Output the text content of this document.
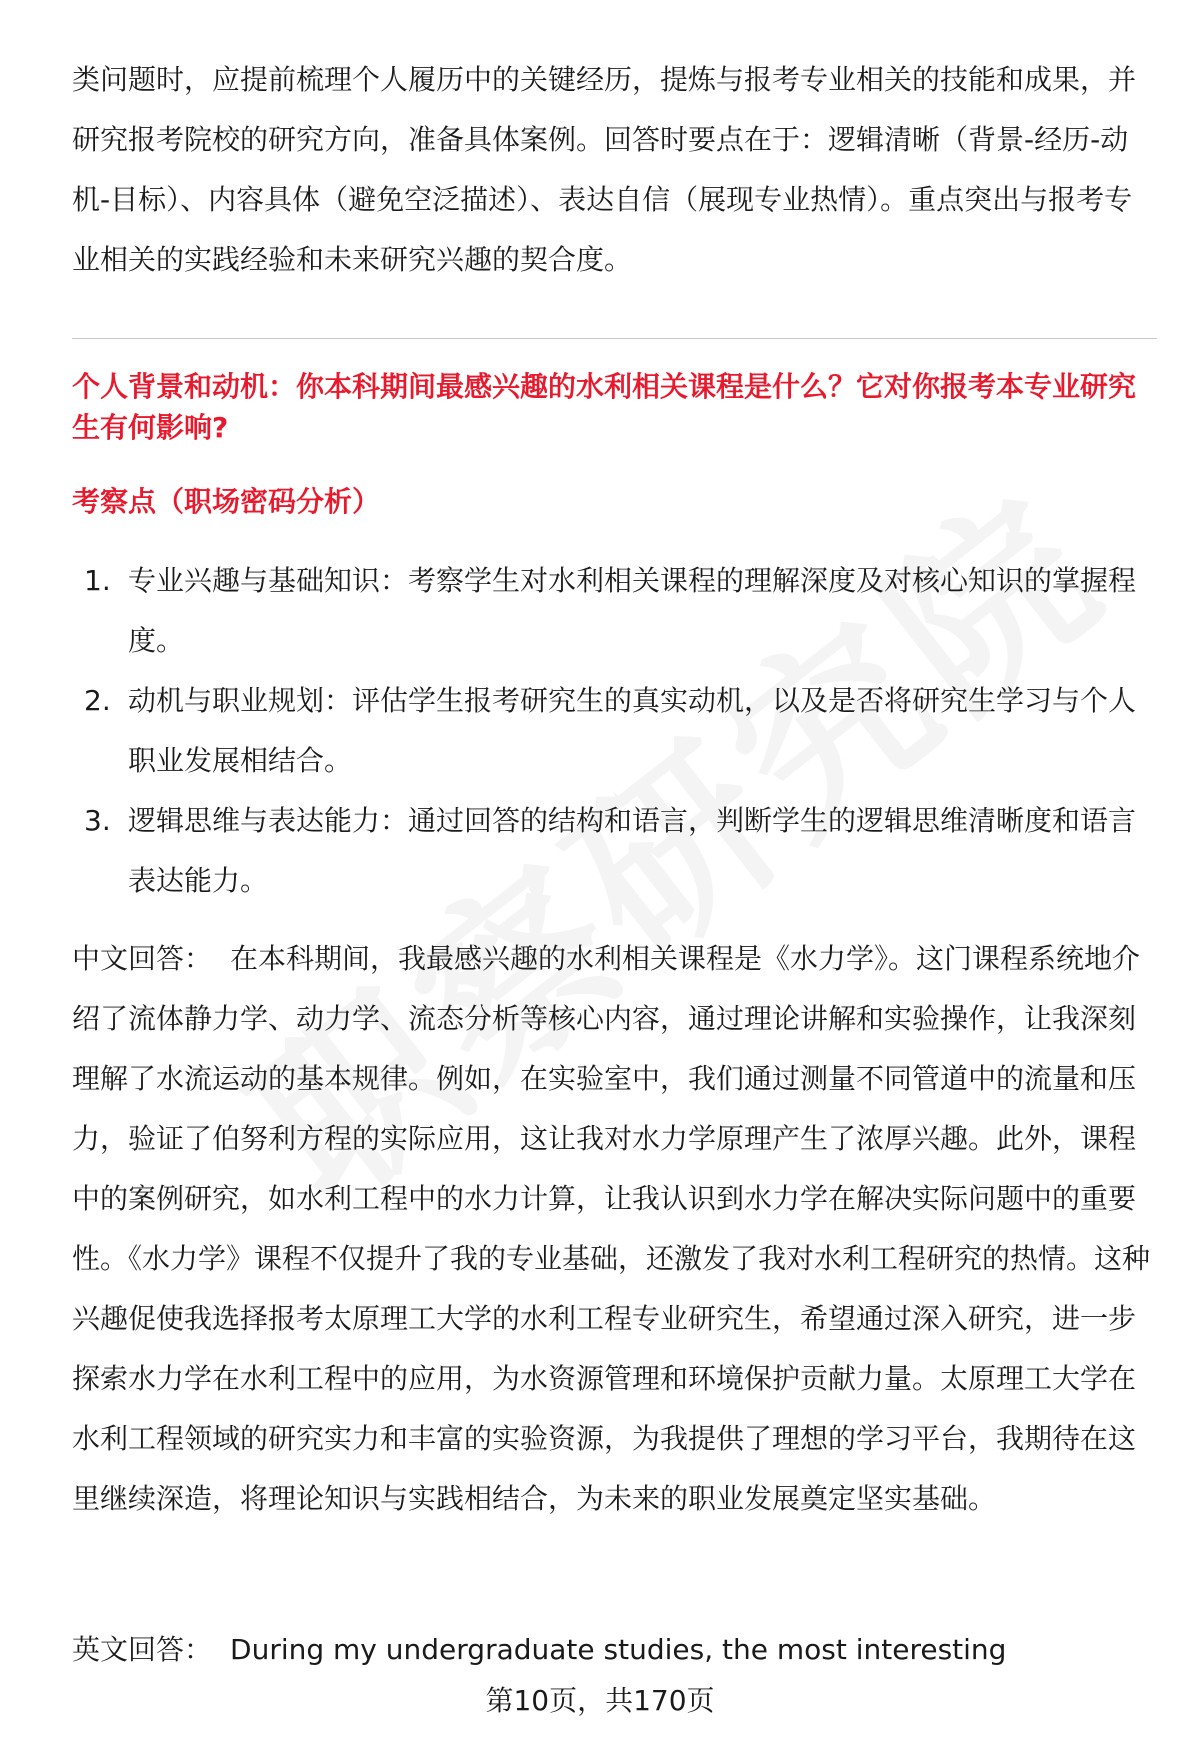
类问题时，应提前梳理个人履历中的关键经历，提炼与报考专业相关的技能和成果，并研究报考院校的研究方向，准备具体案例。回答时要点在于：逻辑清晰（背景-经历-动机-目标）、内容具体（避免空泛描述）、表达自信（展现专业热情）。重点突出与报考专业相关的实践经验和未来研究兴趣的契合度。
个人背景和动机：你本科期间最感兴趣的水利相关课程是什么？它对你报考本专业研究生有何影响?
考察点（职场密码分析）
1. 专业兴趣与基础知识：考察学生对水利相关课程的理解深度及对核心知识的掌握程度。
2. 动机与职业规划：评估学生报考研究生的真实动机，以及是否将研究生学习与个人职业发展相结合。
3. 逻辑思维与表达能力：通过回答的结构和语言，判断学生的逻辑思维清晰度和语言表达能力。
中文回答： 在本科期间，我最感兴趣的水利相关课程是《水力学》。这门课程系统地介绍了流体静力学、动力学、流态分析等核心内容，通过理论讲解和实验操作，让我深刻理解了水流运动的基本规律。例如，在实验室中，我们通过测量不同管道中的流量和压力，验证了伯努利方程的实际应用，这让我对水力学原理产生了浓厚兴趣。此外，课程中的案例研究，如水利工程中的水力计算，让我认识到水力学在解决实际问题中的重要性。《水力学》课程不仅提升了我的专业基础，还激发了我对水利工程研究的热情。这种兴趣促使我选择报考太原理工大学的水利工程专业研究生，希望通过深入研究，进一步探索水力学在水利工程中的应用，为水资源管理和环境保护贡献力量。太原理工大学在水利工程领域的研究实力和丰富的实验资源，为我提供了理想的学习平台，我期待在这里继续深造，将理论知识与实践相结合，为未来的职业发展奠定坚实基础。
英文回答： During my undergraduate studies, the most interesting
第10页，共170页
